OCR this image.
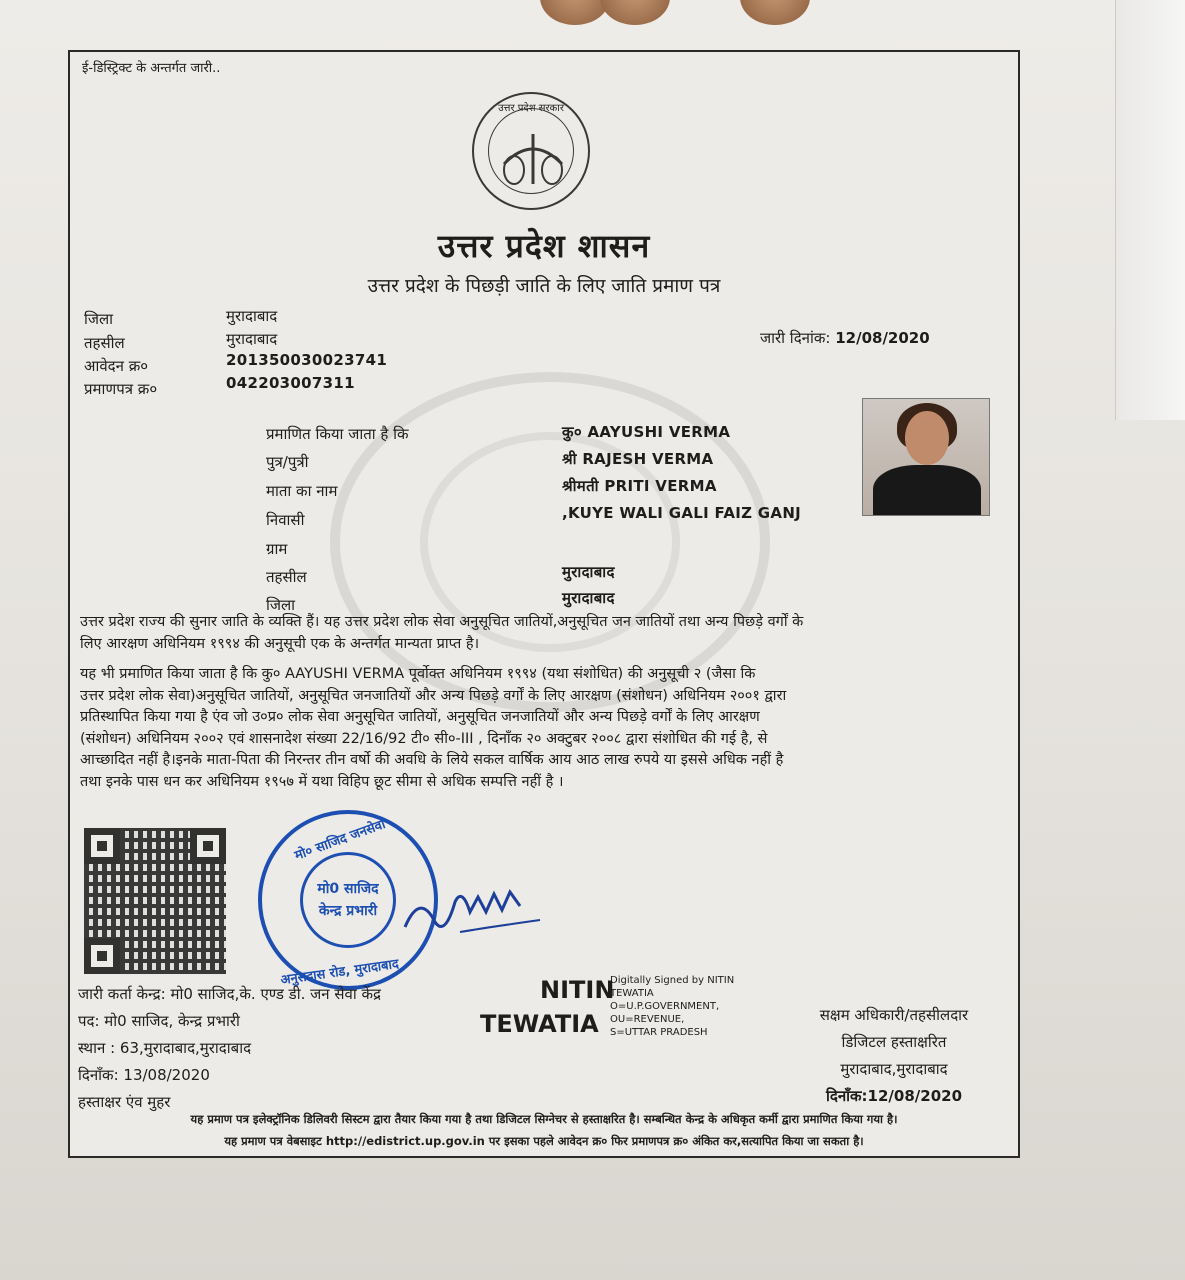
ई-डिस्ट्रिक्ट के अन्तर्गत जारी..
उत्तर प्रदेश सरकार
उत्तर प्रदेश शासन
उत्तर प्रदेश के पिछड़ी जाति के लिए जाति प्रमाण पत्र
जिला	मुरादाबाद
तहसील	मुरादाबाद
आवेदन क्र०	20135003002374​1
प्रमाणपत्र क्र०	042203007311
जारी दिनांक: 12/08/2020
प्रमाणित किया जाता है कि	कु० AAYUSHI VERMA
पुत्र/पुत्री	श्री RAJESH VERMA
माता का नाम	श्रीमती PRITI VERMA
निवासी	,KUYE WALI GALI FAIZ GANJ
ग्राम
तहसील	मुरादाबाद
जिला	मुरादाबाद
उत्तर प्रदेश राज्य की सुनार जाति के व्यक्ति हैं। यह उत्तर प्रदेश लोक सेवा अनुसूचित जातियों,अनुसूचित जन जातियों तथा अन्य पिछड़े वर्गों के
लिए आरक्षण अधिनियम १९९४ की अनुसूची एक के अन्तर्गत मान्यता प्राप्त है।
यह भी प्रमाणित किया जाता है कि कु० AAYUSHI VERMA पूर्वोक्त अधिनियम १९९४ (यथा संशोधित) की अनुसूची २ (जैसा कि
उत्तर प्रदेश लोक सेवा)अनुसूचित जातियों, अनुसूचित जनजातियों और अन्य पिछड़े वर्गों के लिए आरक्षण (संशोधन) अधिनियम २००१ द्वारा
प्रतिस्थापित किया गया है एंव जो उ०प्र० लोक सेवा अनुसूचित जातियों, अनुसूचित जनजातियों और अन्य पिछड़े वर्गों के लिए आरक्षण
(संशोधन) अधिनियम २००२ एवं शासनादेश संख्या 22/16/92 टी० सी०-III , दिनाँक २० अक्टुबर २००८ द्वारा संशोधित की गई है, से
आच्छादित नहीं है।इनके माता-पिता की निरन्तर तीन वर्षो की अवधि के लिये सकल वार्षिक आय आठ लाख रुपये या इससे अधिक नहीं है
तथा इनके पास धन कर अधिनियम १९५७ में यथा विहिप छूट सीमा से अधिक सम्पत्ति नहीं है ।
मो० साजिद जनसेवा
मो0 साजिद
केन्द्र प्रभारी
अनुसदास रोड, मुरादाबाद
जारी कर्ता केन्द्र: मो0 साजिद,के. एण्ड डी. जन सेवा केंद्र
पद: मो0 साजिद, केन्द्र प्रभारी
स्थान : 63,मुरादाबाद,मुरादाबाद
दिनाँक: 13/08/2020
हस्ताक्षर एंव मुहर
NITIN
TEWATIA
Digitally Signed by NITIN
TEWATIA
O=U.P.GOVERNMENT,
OU=REVENUE,
S=UTTAR PRADESH
सक्षम अधिकारी/तहसीलदार
डिजिटल हस्ताक्षरित
मुरादाबाद,मुरादाबाद
दिनाँक:12/08/2020
यह प्रमाण पत्र इलेक्ट्रॉनिक डिलिवरी सिस्टम द्वारा तैयार किया गया है तथा डिजिटल सिग्नेचर से हस्ताक्षरित है। सम्बन्धित केन्द्र के अधिकृत कर्मी द्वारा प्रमाणित किया गया है।
यह प्रमाण पत्र वेबसाइट http://edistrict.up.gov.in पर इसका पहले आवेदन क्र० फिर प्रमाणपत्र क्र० अंकित कर,सत्यापित किया जा सकता है।
